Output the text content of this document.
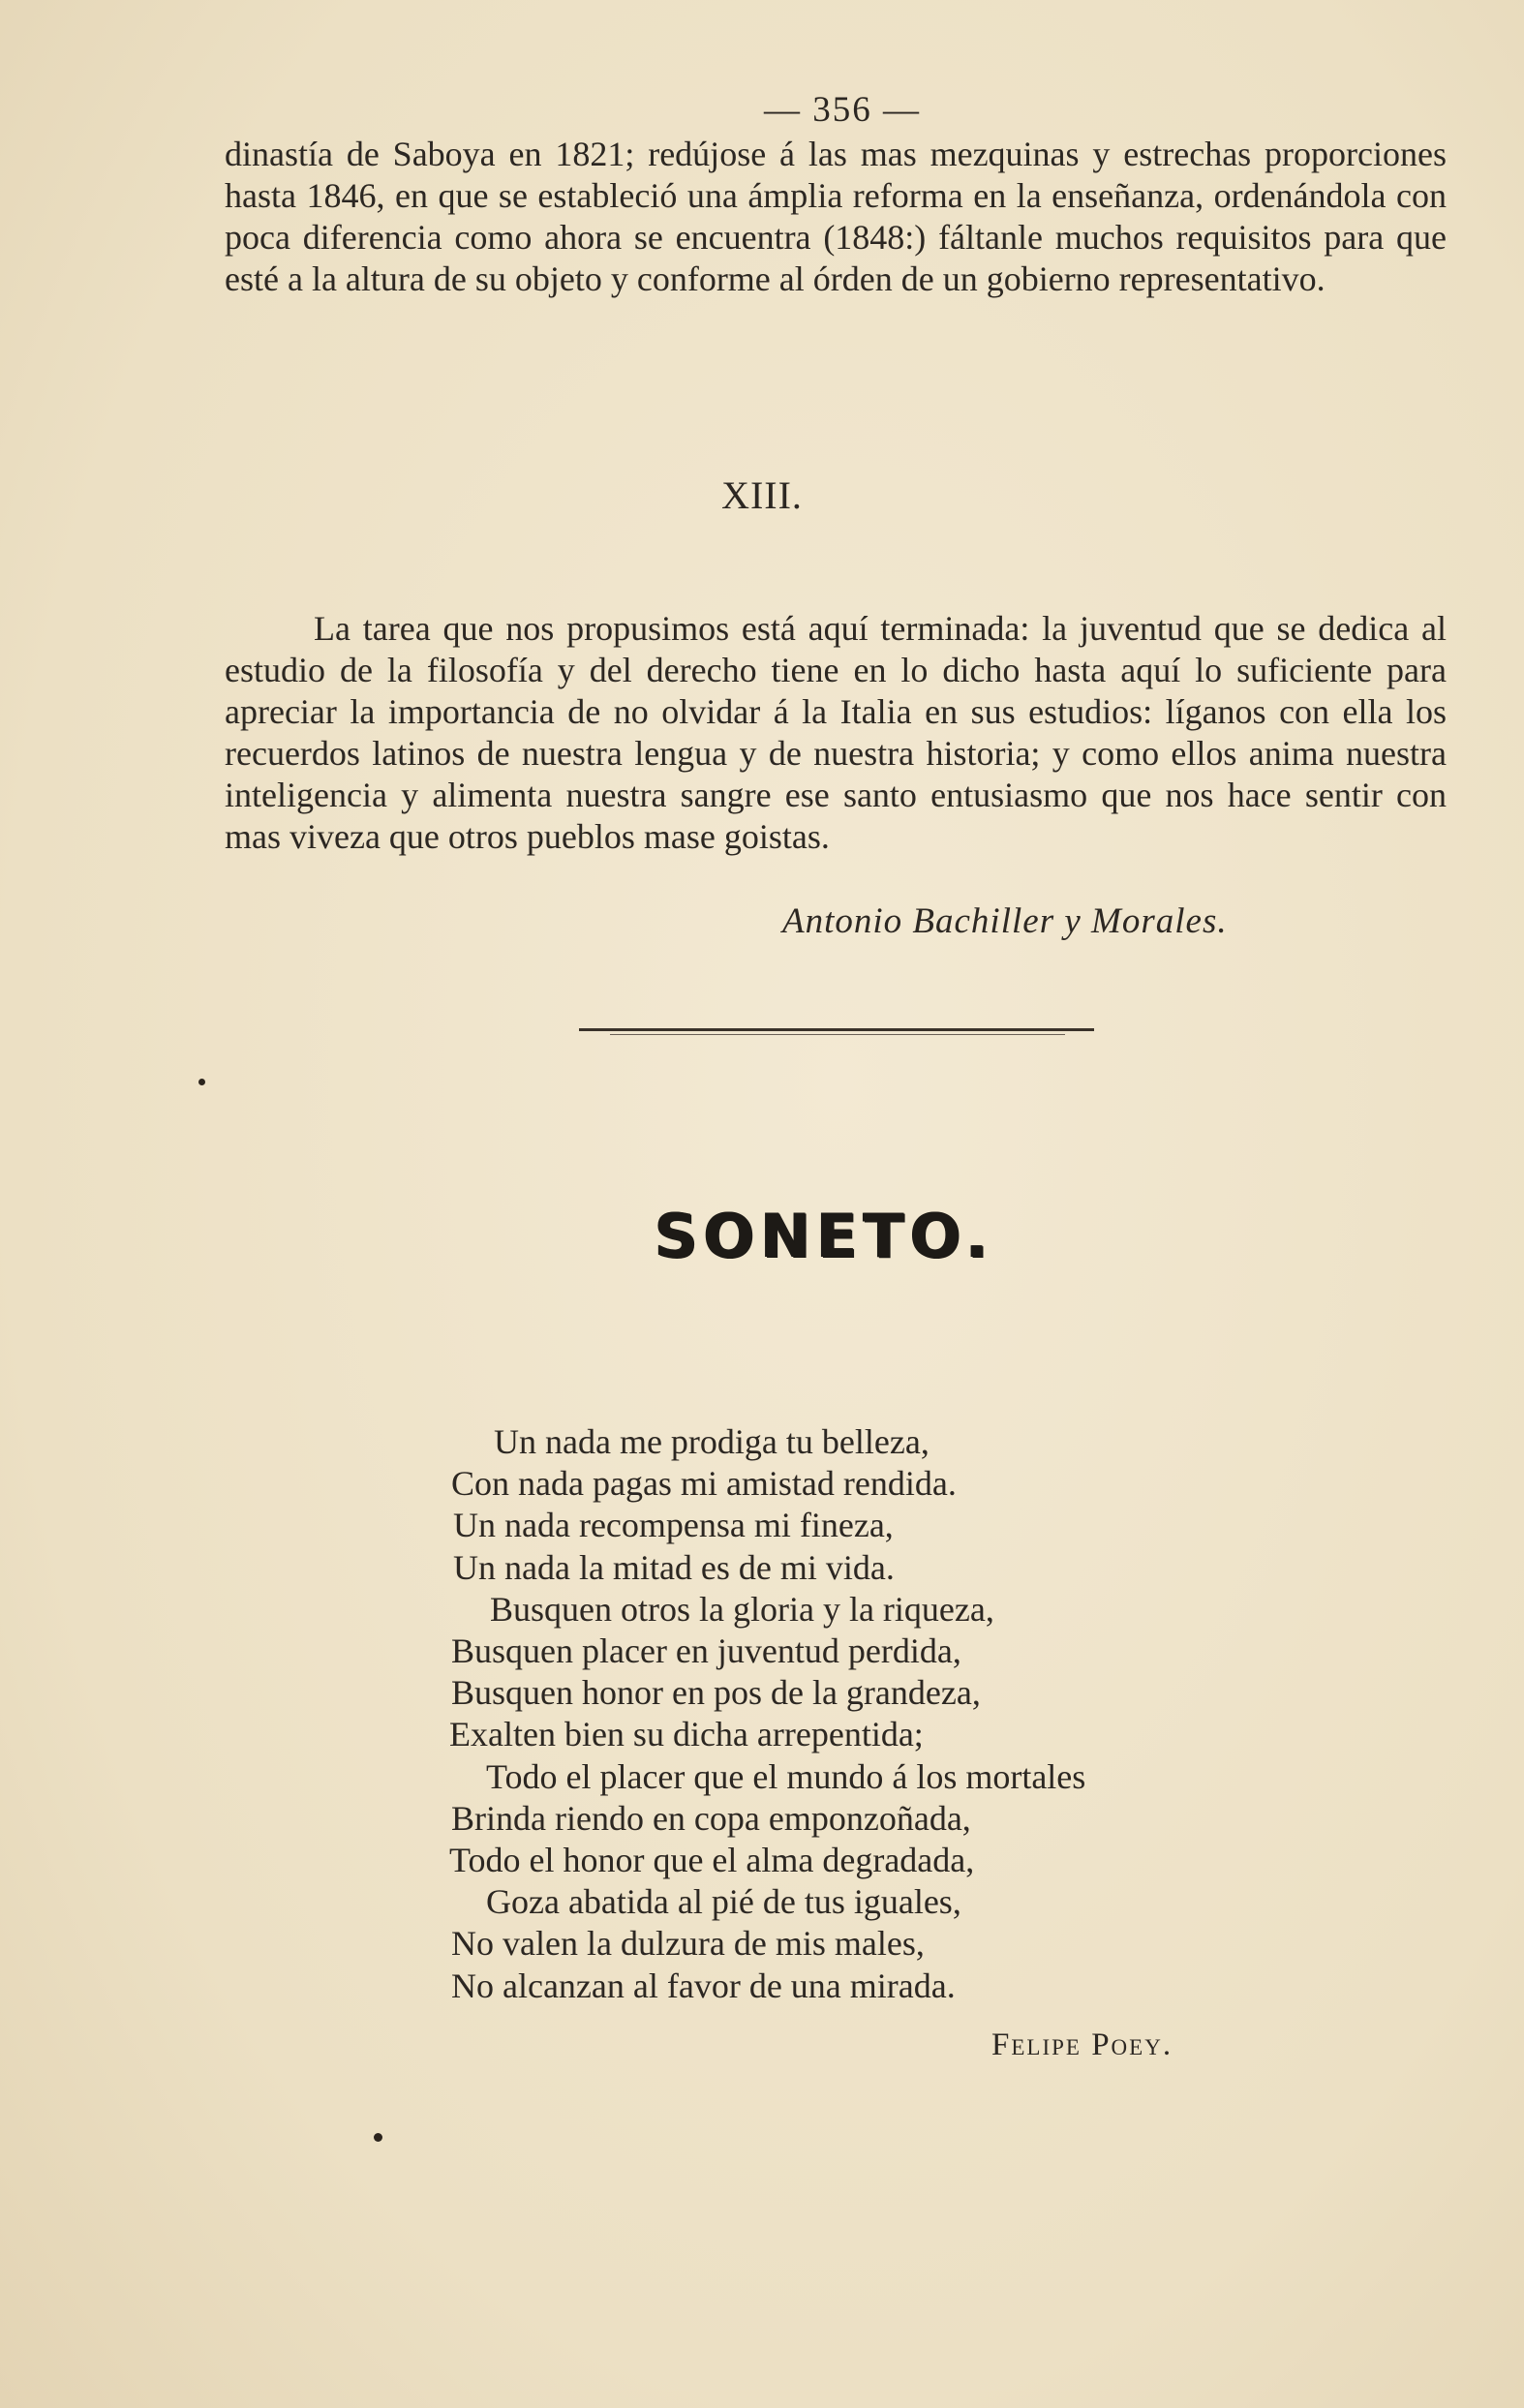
— 356 —

dinastía de Saboya en 1821; redújose á las mas mezquinas y estrechas proporciones hasta 1846, en que se estableció una ámplia reforma en la enseñanza, ordenándola con poca diferencia como ahora se encuentra (1848:) fáltanle muchos requisitos para que esté a la altura de su objeto y conforme al órden de un gobierno representativo.

XIII.

La tarea que nos propusimos está aquí terminada: la juventud que se dedica al estudio de la filosofía y del derecho tiene en lo dicho hasta aquí lo suficiente para apreciar la importancia de no olvidar á la Italia en sus estudios: líganos con ella los recuerdos latinos de nuestra lengua y de nuestra historia; y como ellos anima nuestra inteligencia y alimenta nuestra sangre ese santo entusiasmo que nos hace sentir con mas viveza que otros pueblos mase goistas.

Antonio Bachiller y Morales.
SONETO.
Un nada me prodiga tu belleza,
Con nada pagas mi amistad rendida.
Un nada recompensa mi fineza,
Un nada la mitad es de mi vida.
Busquen otros la gloria y la riqueza,
Busquen placer en juventud perdida,
Busquen honor en pos de la grandeza,
Exalten bien su dicha arrepentida;
Todo el placer que el mundo á los mortales
Brinda riendo en copa emponzoñada,
Todo el honor que el alma degradada,
Goza abatida al pié de tus iguales,
No valen la dulzura de mis males,
No alcanzan al favor de una mirada.
Felipe Poey.
